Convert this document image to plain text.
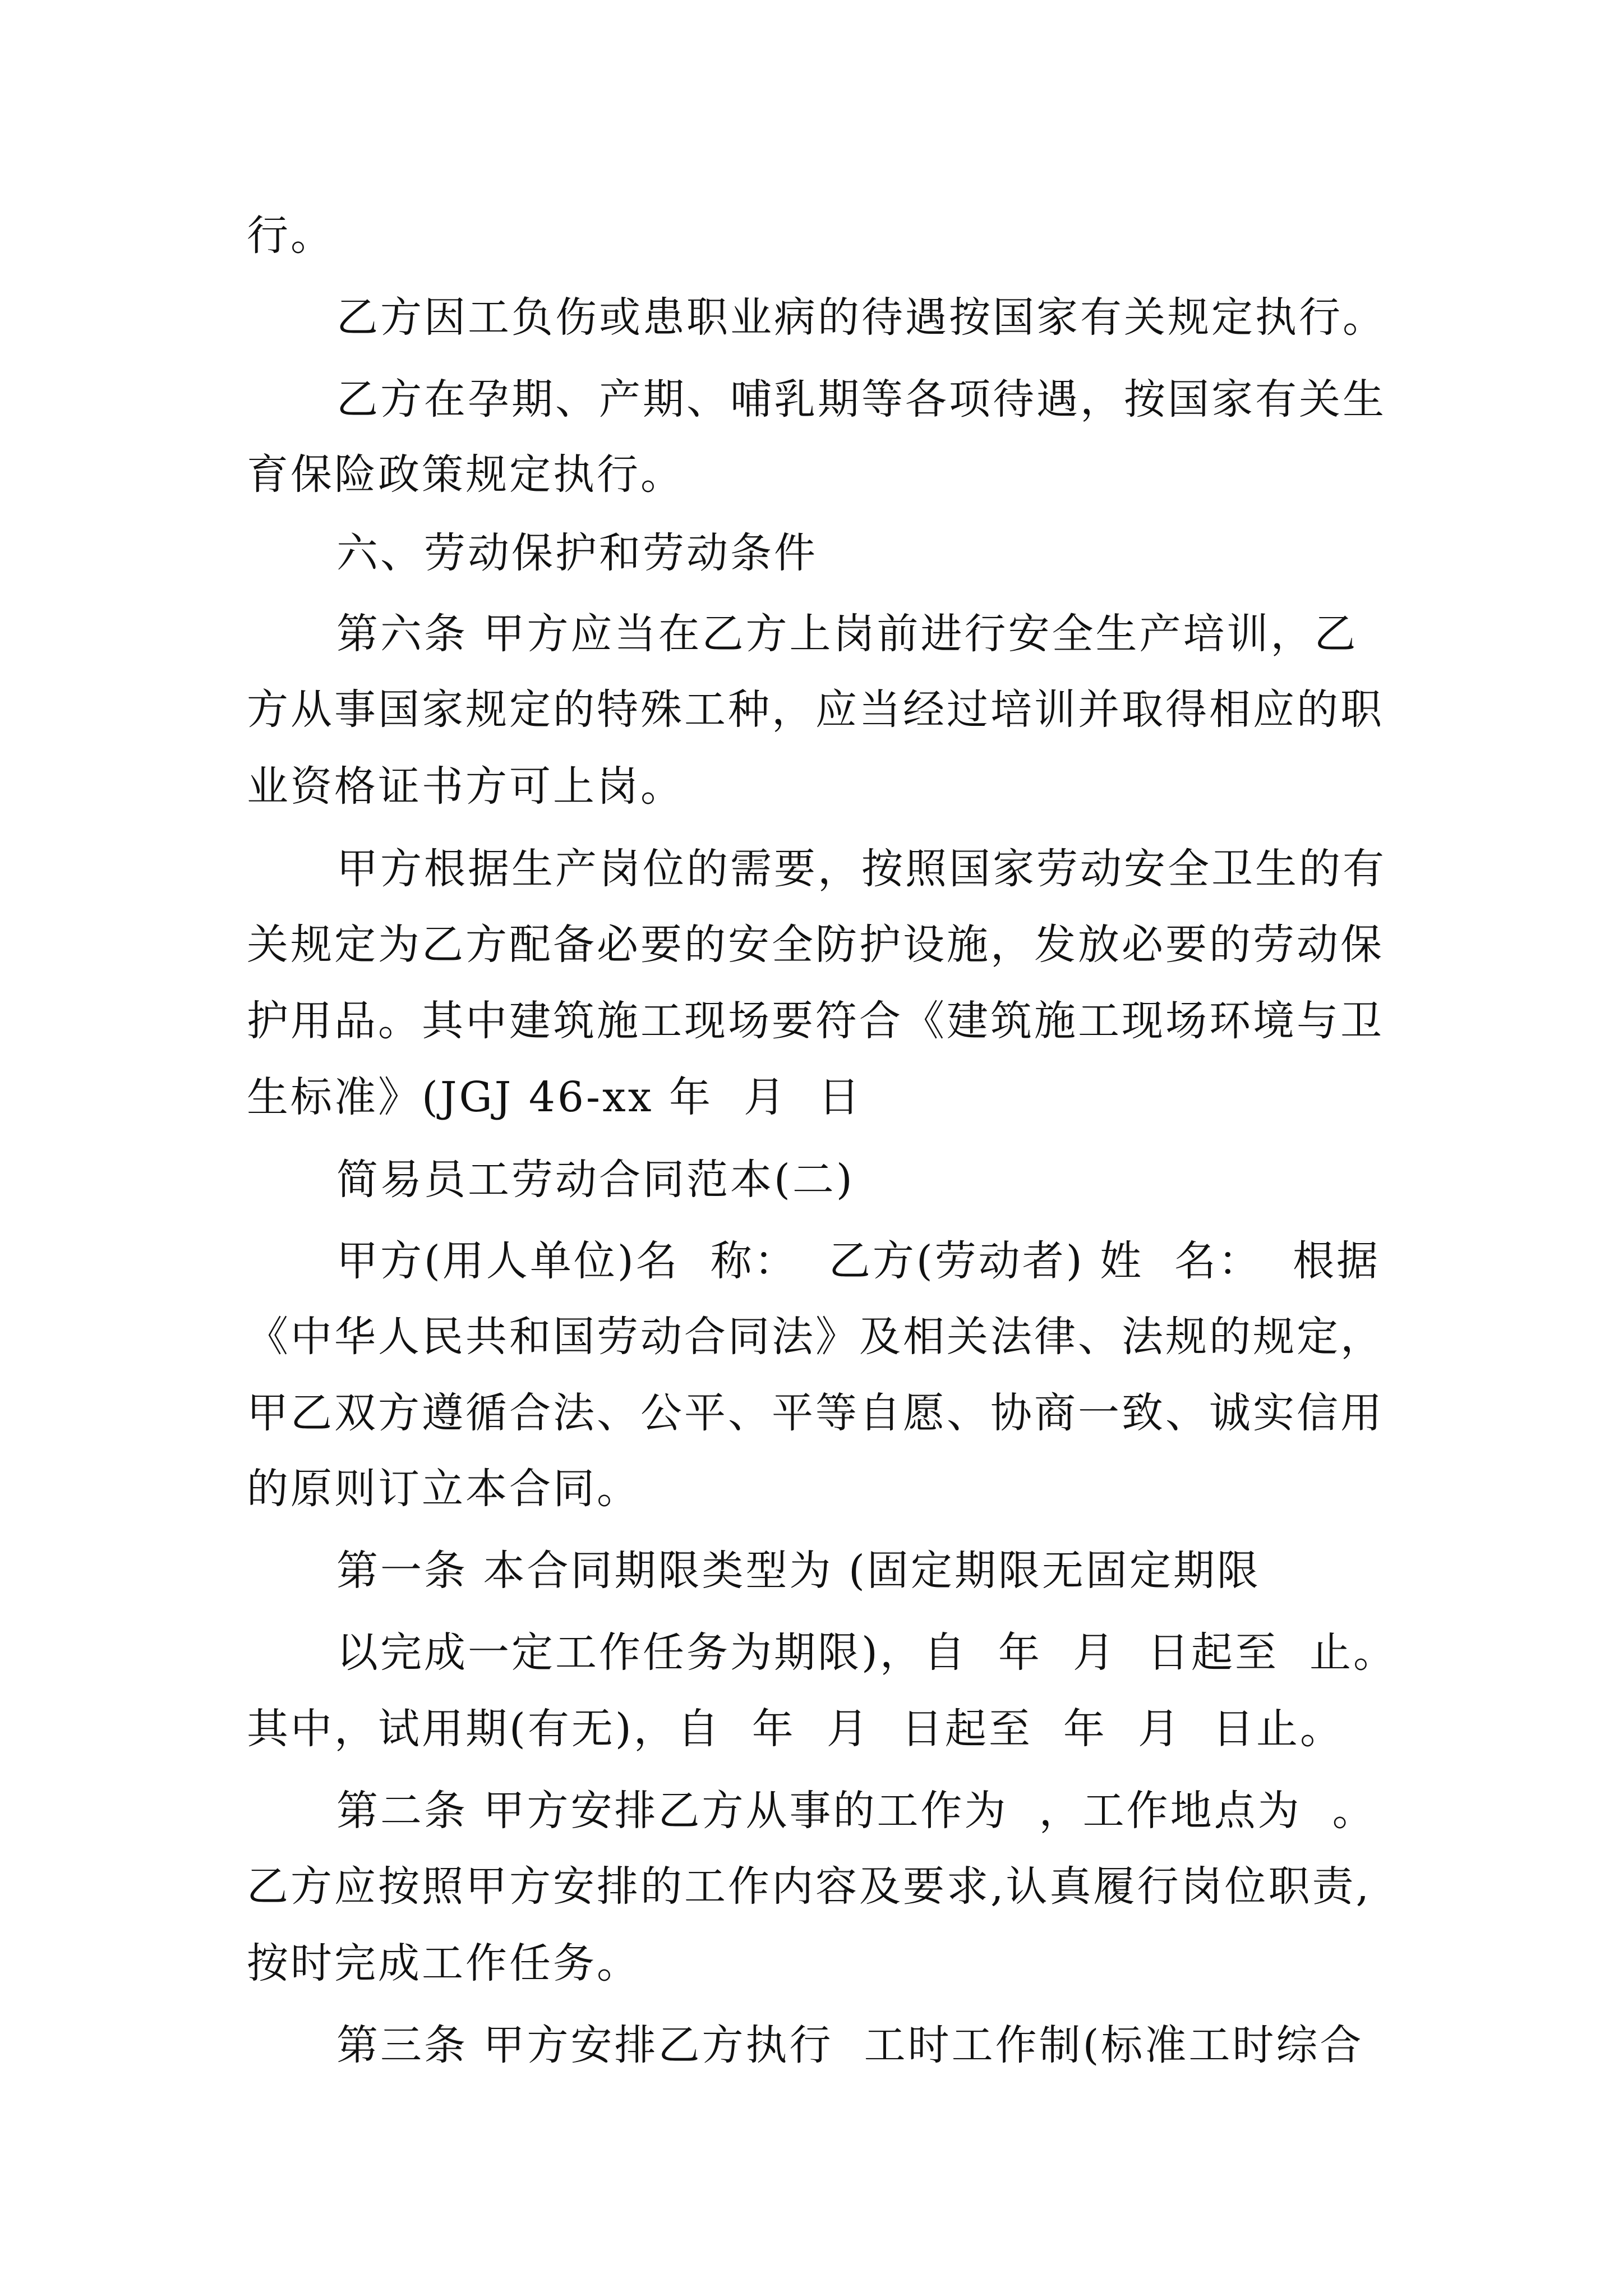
行。
乙方因工负伤或患职业病的待遇按国家有关规定执行。
乙方在孕期、产期、哺乳期等各项待遇，按国家有关生
育保险政策规定执行。
六、劳动保护和劳动条件
第六条 甲方应当在乙方上岗前进行安全生产培训，乙
方从事国家规定的特殊工种，应当经过培训并取得相应的职
业资格证书方可上岗。
甲方根据生产岗位的需要，按照国家劳动安全卫生的有
关规定为乙方配备必要的安全防护设施，发放必要的劳动保
护用品。其中建筑施工现场要符合《建筑施工现场环境与卫
生标准》(JGJ 46-xx 年  月  日
简易员工劳动合同范本(二)
甲方(用人单位)名  称：  乙方(劳动者) 姓  名：  根据
《中华人民共和国劳动合同法》及相关法律、法规的规定，
甲乙双方遵循合法、公平、平等自愿、协商一致、诚实信用
的原则订立本合同。
第一条 本合同期限类型为 (固定期限无固定期限
以完成一定工作任务为期限)，自  年  月  日起至  止。
其中，试用期(有无)，自  年  月  日起至  年  月  日止。
第二条 甲方安排乙方从事的工作为  ，工作地点为  。
乙方应按照甲方安排的工作内容及要求,认真履行岗位职责,
按时完成工作任务。
第三条 甲方安排乙方执行  工时工作制(标准工时综合
